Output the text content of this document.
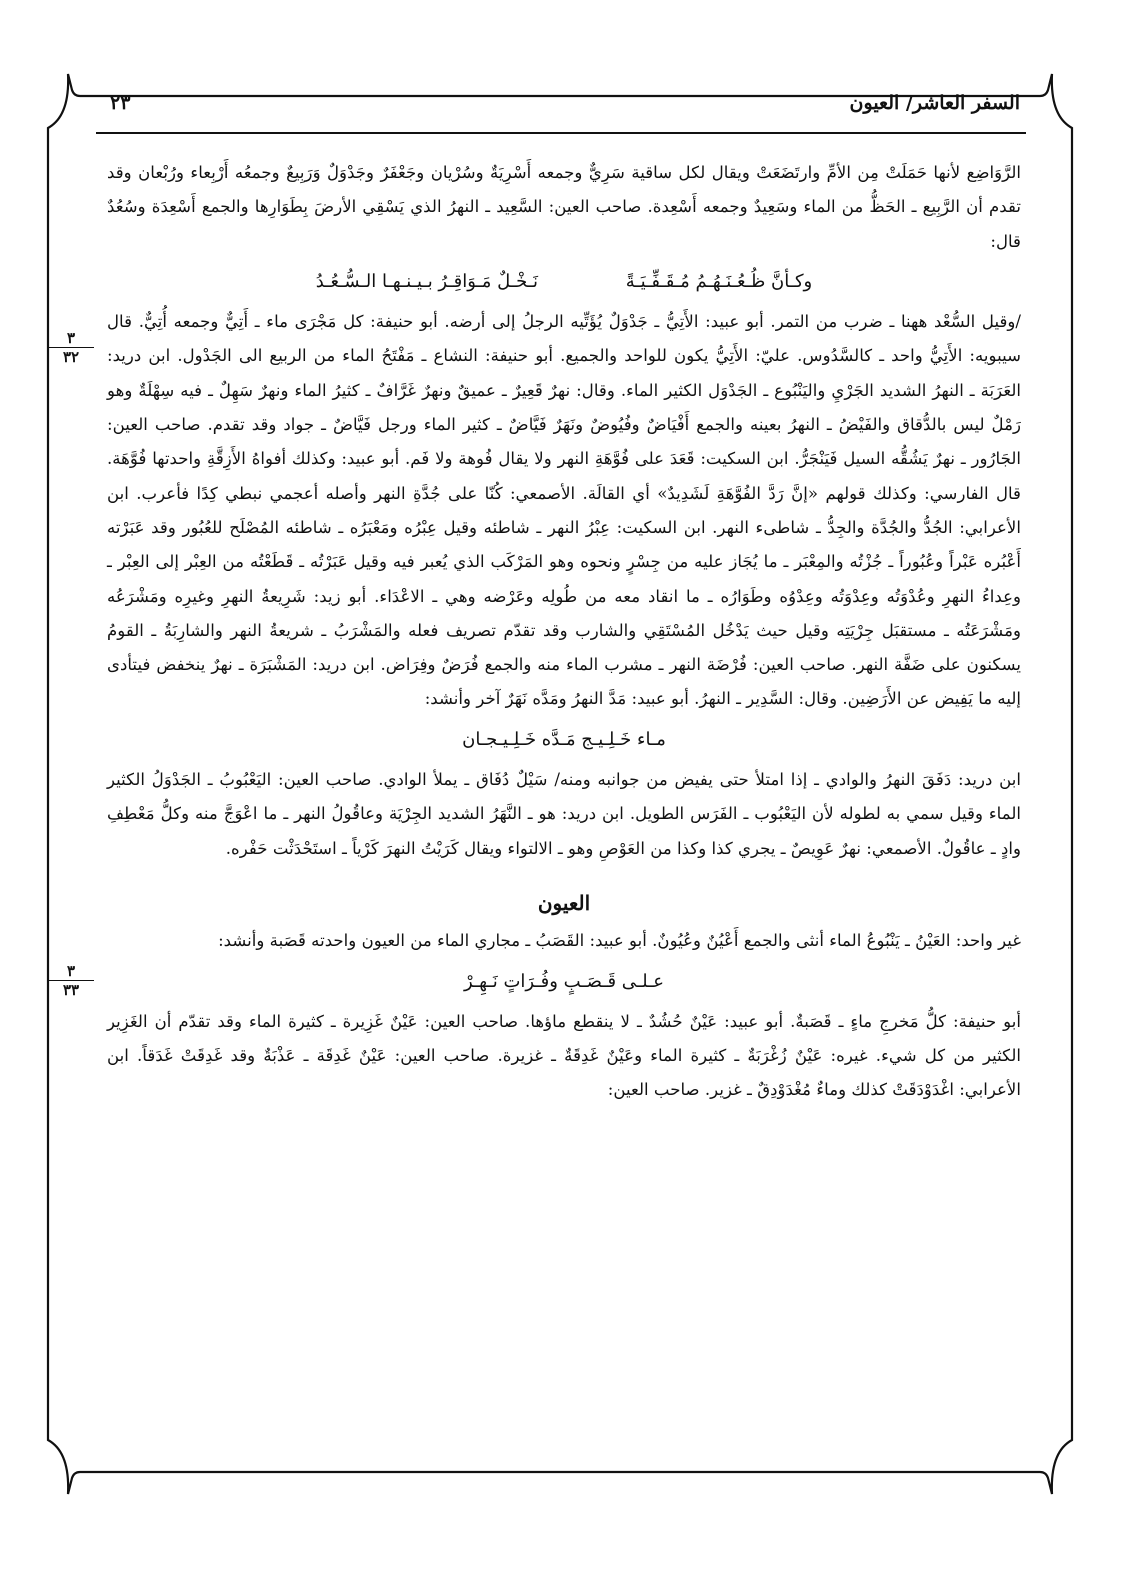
السفر العاشر/ العيون
٢٣
٣
٣٢
٣
٣٣

الرَّوَاضِع لأنها حَمَلَتْ مِن الأمِّ وارتَضَعَتْ ويقال لكل ساقية سَرِيٌّ وجمعه أَسْرِيَةٌ وسُرْيان وجَعْفَرٌ وجَدْوَلٌ وَرَبِيعٌ وجمعُه أَرْبِعاء ورُبْعان وقد تقدم أن الرَّبِيع ـ الحَظُّ من الماء وسَعِيدٌ وجمعه أَسْعِدة. صاحب العين: السَّعِيد ـ النهرُ الذي يَسْقِي الأرضَ بِطَوَارِها والجمع أَسْعِدَة وسُعُدٌ قال:

وكـأنَّ ظُـعُـنَـهُـمُ مُـقَـفِّـيَـةً نَـخْـلٌ مَـوَاقِـرُ بـيـنـهـا الـسُّـعُـدُ

/وقيل السُّعْد ههنا ـ ضرب من التمر. أبو عبيد: الأَتِيُّ ـ جَدْوَلٌ يُؤَتِّيه الرجلُ إلى أرضه. أبو حنيفة: كل مَجْرَى ماء ـ أَتِيٌّ وجمعه أُتِيٌّ. قال سيبويه: الأَتِيُّ واحد ـ كالسَّدُوس. عليّ: الأَتِيُّ يكون للواحد والجميع. أبو حنيفة: النشاع ـ مَفْتَحُ الماء من الربيع الى الجَدْول. ابن دريد: العَرَبَة ـ النهرُ الشديد الجَرْيِ واليَنْبُوع ـ الجَدْوَل الكثير الماء. وقال: نهرٌ قَعِيرٌ ـ عميقٌ ونهرٌ غَرَّافٌ ـ كثيرُ الماء ونهرٌ سَهِلٌ ـ فيه سِهْلَةٌ وهو رَمْلٌ ليس بالدُّقاق والفَيْضُ ـ النهرُ بعينه والجمع أَفْيَاضٌ وفُيُوضٌ ونَهَرٌ فَيَّاضٌ ـ كثير الماء ورجل فَيَّاضٌ ـ جواد وقد تقدم. صاحب العين: الجَارُور ـ نهرٌ يَشُقُّه السيل فَيَنْجَرُّ. ابن السكيت: قَعَدَ على فُوَّهَةِ النهر ولا يقال فُوهة ولا فَم. أبو عبيد: وكذلك أفواهُ الأَزِقَّةِ واحدتها فُوَّهَة. قال الفارسي: وكذلك قولهم «إنَّ رَدَّ الفُوَّهَةِ لَشَدِيدٌ» أي القالَة. الأصمعي: كُنّا على جُدَّةِ النهر وأصله أعجمي نبطي كِدًا فأعرب. ابن الأعرابي: الجُدُّ والجُدَّة والجِدُّ ـ شاطىء النهر. ابن السكيت: عِبْرُ النهر ـ شاطئه وقيل عِبْرُه ومَعْبَرُه ـ شاطئه المُصْلَح للعُبُور وقد عَبَرْته أَعْبُره عَبْراً وعُبُوراً ـ جُزْتُه والمِعْبَر ـ ما يُجَاز عليه من جِسْرٍ ونحوه وهو المَرْكَب الذي يُعبر فيه وقيل عَبَرْتُه ـ قَطَعْتُه من العِبْر إلى العِبْر ـ وعِداءُ النهرِ وعُدْوَتُه وعِدْوَتُه وعِدْوُه وطَوَارُه ـ ما انقاد معه من طُولِه وعَرْضه وهي ـ الاعْدَاء. أبو زيد: شَرِيعةُ النهرِ وغيرِه ومَشْرَعُه ومَشْرَعَتُه ـ مستقبَل جِرْيَتِه وقيل حيث يَدْخُل المُسْتَقِي والشارب وقد تقدّم تصريف فعله والمَشْرَبُ ـ شريعةُ النهر والشارِبَةُ ـ القومُ يسكنون على ضَفَّة النهر. صاحب العين: فُرْضَة النهر ـ مشرب الماء منه والجمع فُرَضٌ وفِرَاض. ابن دريد: المَشْبَرَة ـ نهرٌ ينخفض فيتأدى إليه ما يَفِيض عن الأَرَضِين. وقال: السَّدِير ـ النهرُ. أبو عبيد: مَدَّ النهرُ ومَدَّه نَهَرٌ آخر وأنشد:

مـاء خَـلِـيـج مَـدَّه خَـلِـيـجـان

ابن دريد: دَفَقَ النهرُ والوادي ـ إذا امتلأ حتى يفيض من جوانبه ومنه/ سَيْلٌ دُفَاق ـ يملأ الوادي. صاحب العين: اليَعْبُوبُ ـ الجَدْوَلُ الكثير الماء وقيل سمي به لطوله لأن اليَعْبُوب ـ الفَرَس الطويل. ابن دريد: هو ـ النَّهَرُ الشديد الجِرْيَة وعاقُولُ النهر ـ ما اعْوَجَّ منه وكلُّ مَعْطِفِ وادٍ ـ عاقُولٌ. الأصمعي: نهرٌ عَوِيصٌ ـ يجري كذا وكذا من العَوْصِ وهو ـ الالتواء ويقال كَرَيْتُ النهرَ كَرْياً ـ استَحْدَثْت حَفْره.

العيون

غير واحد: العَيْنُ ـ يَنْبُوعُ الماء أنثى والجمع أَعْيُنٌ وعُيُونٌ. أبو عبيد: القَصَبُ ـ مجاري الماء من العيون واحدته قَصَبة وأنشد:

عـلـى قَـصَـبٍ وفُـرَاتٍ نَـهِـرْ

أبو حنيفة: كلُّ مَخرجِ ماءٍ ـ قَصَبةٌ. أبو عبيد: عَيْنٌ حُشُدٌ ـ لا ينقطع ماؤها. صاحب العين: عَيْنٌ غَزِيرة ـ كثيرة الماء وقد تقدّم أن الغَزِير الكثير من كل شيء. غيره: عَيْنٌ زُغْرَبَةٌ ـ كثيرة الماء وعَيْنٌ غَدِقَةٌ ـ غزيرة. صاحب العين: عَيْنٌ غَدِقَة ـ عَذْبَةٌ وقد غَدِقَتْ غَدَقاً. ابن الأعرابي: اغْدَوْدَقَتْ كذلك وماءٌ مُغْدَوْدِقٌ ـ غزير. صاحب العين:
